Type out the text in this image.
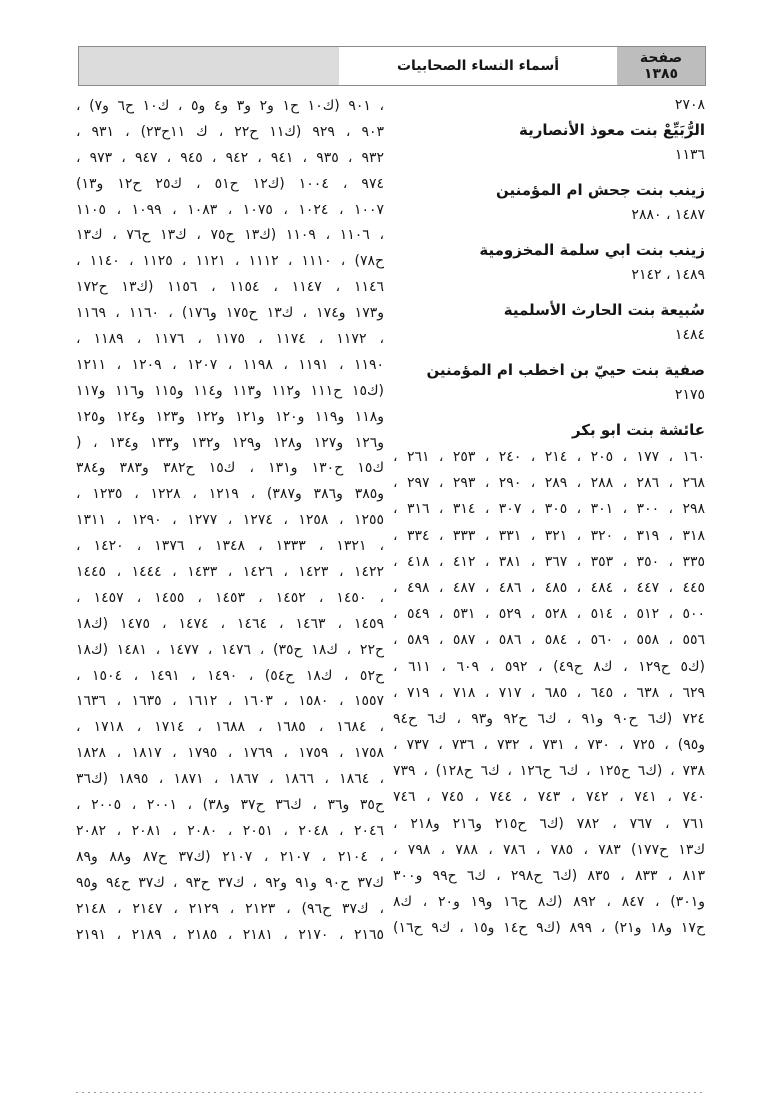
أسماء النساء الصحابيات	صفحة
١٣٨٥
٢٧٠٨
الرُّبَيِّعْ بنت معوذ الأنصارية
١١٣٦
زينب بنت جحش ام المؤمنين
١٤٨٧ ، ٢٨٨٠
زينب بنت ابي سلمة المخزومية
١٤٨٩ ، ٢١٤٢
سُبيعة بنت الحارث الأسلمية
١٤٨٤
صفية بنت حييّ بن اخطب ام المؤمنين
٢١٧٥
عائشة بنت ابو بكر
١٦٠ ، ١٧٧ ، ٢٠٥ ، ٢١٤ ، ٢٤٠ ، ٢٥٣ ، ٢٦١ ،
٢٦٨ ، ٢٨٦ ، ٢٨٨ ، ٢٨٩ ، ٢٩٠ ، ٢٩٣ ، ٢٩٧ ،
٢٩٨ ، ٣٠٠ ، ٣٠١ ، ٣٠٥ ، ٣٠٧ ، ٣١٤ ، ٣١٦ ،
٣١٨ ، ٣١٩ ، ٣٢٠ ، ٣٢١ ، ٣٣١ ، ٣٣٣ ، ٣٣٤ ،
٣٣٥ ، ٣٥٠ ، ٣٥٣ ، ٣٦٧ ، ٣٨١ ، ٤١٢ ، ٤١٨ ،
٤٤٥ ، ٤٤٧ ، ٤٨٤ ، ٤٨٥ ، ٤٨٦ ، ٤٨٧ ، ٤٩٨ ،
٥٠٠ ، ٥١٢ ، ٥١٤ ، ٥٢٨ ، ٥٢٩ ، ٥٣١ ، ٥٤٩ ،
٥٥٦ ، ٥٥٨ ، ٥٦٠ ، ٥٨٤ ، ٥٨٦ ، ٥٨٧ ، ٥٨٩ ،
(ك٥ ح١٢٩ ، ك٨ ح٤٩) ، ٥٩٢ ، ٦٠٩ ، ٦١١ ،
٦٢٩ ، ٦٣٨ ، ٦٤٥ ، ٦٨٥ ، ٧١٧ ، ٧١٨ ، ٧١٩ ،
٧٢٤ (ك٦ ح٩٠ و٩١ ، ك٦ ح٩٢ و٩٣ ، ك٦ ح٩٤
و٩٥) ، ٧٢٥ ، ٧٣٠ ، ٧٣١ ، ٧٣٢ ، ٧٣٦ ، ٧٣٧ ،
٧٣٨ ، (ك٦ ح١٢٥ ، ك٦ ح١٢٦ ، ك٦ ح١٢٨) ، ٧٣٩
٧٤٠ ، ٧٤١ ، ٧٤٢ ، ٧٤٣ ، ٧٤٤ ، ٧٤٥ ، ٧٤٦
٧٦١ ، ٧٦٧ ، ٧٨٢ (ك٦ ح٢١٥ و٢١٦ و٢١٨ ،
ك١٣ ح١٧٧) ٧٨٣ ، ٧٨٥ ، ٧٨٦ ، ٧٨٨ ، ٧٩٨ ،
٨١٣ ، ٨٣٣ ، ٨٣٥ (ك٦ ح٢٩٨ ، ك٦ ح٩٩ و٣٠٠
و٣٠١) ، ٨٤٧ ، ٨٩٢ (ك٨ ح١٦ و١٩ و٢٠ ، ك٨
ح١٧ و١٨ و٢١) ، ٨٩٩ (ك٩ ح١٤ و١٥ ، ك٩ ح١٦)
، ٩٠١ (ك١٠ ح١ و٢ و٣ و٤ و٥ ، ك١٠ ح٦ و٧) ،
٩٠٣ ، ٩٢٩ (ك١١ ح٢٢ ، ك ١١ح٢٣) ، ٩٣١ ،
٩٣٢ ، ٩٣٥ ، ٩٤١ ، ٩٤٢ ، ٩٤٥ ، ٩٤٧ ، ٩٧٣ ،
٩٧٤ ، ١٠٠٤ (ك١٢ ح٥١ ، ك٢٥ ح١٢ و١٣)
١٠٠٧ ، ١٠٢٤ ، ١٠٧٥ ، ١٠٨٣ ، ١٠٩٩ ، ١١٠٥
، ١١٠٦ ، ١١٠٩ (ك١٣ ح٧٥ ، ك١٣ ح٧٦ ، ك١٣
ح٧٨) ، ١١١٠ ، ١١١٢ ، ١١٢١ ، ١١٢٥ ، ١١٤٠ ،
١١٤٦ ، ١١٤٧ ، ١١٥٤ ، ١١٥٦ (ك١٣ ح١٧٢
و١٧٣ و١٧٤ ، ك١٣ ح١٧٥ و١٧٦) ، ١١٦٠ ، ١١٦٩
، ١١٧٢ ، ١١٧٤ ، ١١٧٥ ، ١١٧٦ ، ١١٨٩ ،
١١٩٠ ، ١١٩١ ، ١١٩٨ ، ١٢٠٧ ، ١٢٠٩ ، ١٢١١
(ك١٥ ح١١١ و١١٢ و١١٣ و١١٤ و١١٥ و١١٦ و١١٧
و١١٨ و١١٩ و١٢٠ و١٢١ و١٢٢ و١٢٣ و١٢٤ و١٢٥
و١٢٦ و١٢٧ و١٢٨ و١٢٩ و١٣٢ و١٣٣ و١٣٤ ، (
ك١٥ ح١٣٠ و١٣١ ، ك١٥ ح٣٨٢ و٣٨٣ و٣٨٤
و٣٨٥ و٣٨٦ و٣٨٧) ، ١٢١٩ ، ١٢٢٨ ، ١٢٣٥ ،
١٢٥٥ ، ١٢٥٨ ، ١٢٧٤ ، ١٢٧٧ ، ١٢٩٠ ، ١٣١١
، ١٣٢١ ، ١٣٣٣ ، ١٣٤٨ ، ١٣٧٦ ، ١٤٢٠ ،
١٤٢٢ ، ١٤٢٣ ، ١٤٢٦ ، ١٤٣٣ ، ١٤٤٤ ، ١٤٤٥
، ١٤٥٠ ، ١٤٥٢ ، ١٤٥٣ ، ١٤٥٥ ، ١٤٥٧ ،
١٤٥٩ ، ١٤٦٣ ، ١٤٦٤ ، ١٤٧٤ ، ١٤٧٥ (ك١٨
ح٢٢ ، ك١٨ ح٣٥) ، ١٤٧٦ ، ١٤٧٧ ، ١٤٨١ (ك١٨
ح٥٢ ، ك١٨ ح٥٤) ، ١٤٩٠ ، ١٤٩١ ، ١٥٠٤ ،
١٥٥٧ ، ١٥٨٠ ، ١٦٠٣ ، ١٦١٢ ، ١٦٣٥ ، ١٦٣٦
، ١٦٨٤ ، ١٦٨٥ ، ١٦٨٨ ، ١٧١٤ ، ١٧١٨ ،
١٧٥٨ ، ١٧٥٩ ، ١٧٦٩ ، ١٧٩٥ ، ١٨١٧ ، ١٨٢٨
، ١٨٦٤ ، ١٨٦٦ ، ١٨٦٧ ، ١٨٧١ ، ١٨٩٥ (ك٣٦
ح٣٥ و٣٦ ، ك٣٦ ح٣٧ و٣٨) ، ٢٠٠١ ، ٢٠٠٥ ،
٢٠٤٦ ، ٢٠٤٨ ، ٢٠٥١ ، ٢٠٨٠ ، ٢٠٨١ ، ٢٠٨٢
، ٢١٠٤ ، ٢١٠٧ ، ٢١٠٧ (ك٣٧ ح٨٧ و٨٨ و٨٩
ك٣٧ ح٩٠ و٩١ و٩٢ ، ك٣٧ ح٩٣ ، ك٣٧ ح٩٤ و٩٥
، ك٣٧ ح٩٦) ، ٢١٢٣ ، ٢١٢٩ ، ٢١٤٧ ، ٢١٤٨
٢١٦٥ ، ٢١٧٠ ، ٢١٨١ ، ٢١٨٥ ، ٢١٨٩ ، ٢١٩١
